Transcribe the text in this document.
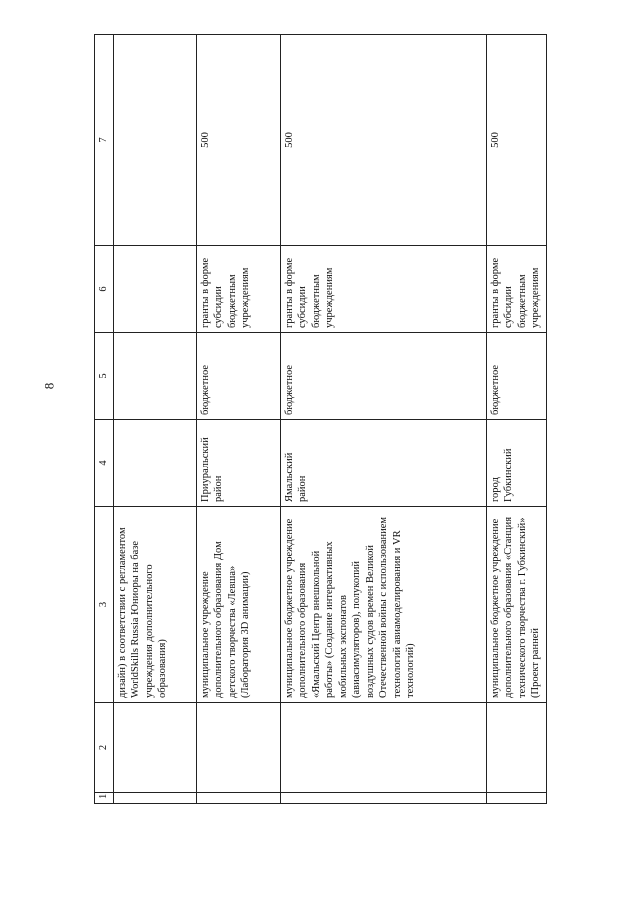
8
1	2	3	4	5	6	7
		дизайн) в соответствии с регламентом WorldSkills Russia Юниоры на базе учреждения дополнительного образования)				
		муниципальное учреждение дополнительного образования Дом детского творчества «Левша» (Лаборатория 3D анимации)	Приуральский район	бюджетное	гранты в форме субсидии бюджетным учреждениям	500
		муниципальное бюджетное учреждение дополнительного образования «Ямальский Центр внешкольной работы» (Создание интерактивных мобильных экспонатов (авиасимуляторов), полукопий воздушных судов времен Великой Отечественной войны с использованием технологий авиамоделирования и VR технологий)	Ямальский район	бюджетное	гранты в форме субсидии бюджетным учреждениям	500
		муниципальное бюджетное учреждение дополнительного образования «Станция технического творчества г. Губкинский» (Проект ранней	город Губкинский	бюджетное	гранты в форме субсидии бюджетным учреждениям	500
